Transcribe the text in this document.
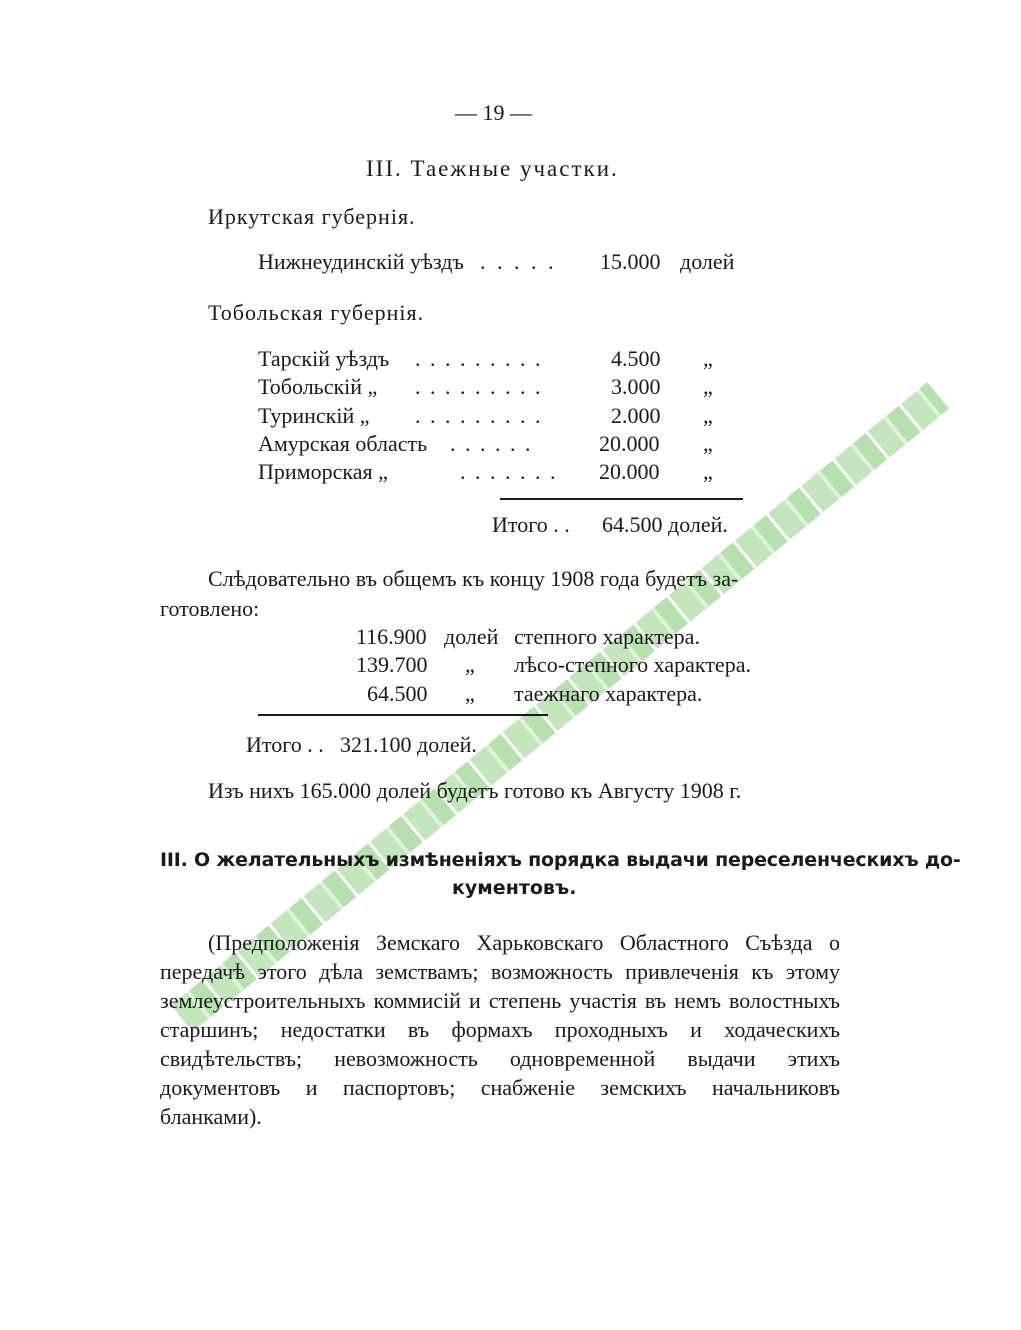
— 19 —
III. Таежные участки.
Иркутская губернія.
Нижнеудинскій уѣздъ . . . . . 15.000 долей
Тобольская губернія.
Тарскій уѣздъ . . . . . . . . .	4.500 „
Тобольскій „ . . . . . . . . .	3.000 „
Туринскій „ . . . . . . . . .	2.000 „
Амурская область . . . . . .	20.000 „
Приморская „	. . . . . . . 20.000 „
Итого . . 64.500 долей.
Слѣдовательно въ общемъ къ концу 1908 года будетъ за-
готовлено:
116.900 долей степного характера.
139.700 „ лѣсо-степного характера.
64.500 „ таежнаго характера.
Итого . . 321.100 долей.
Изъ нихъ 165.000 долей будетъ готово къ Августу 1908 г.
III. О желательныхъ измѣненіяхъ порядка выдачи переселенческихъ до-
кументовъ.
(Предположенія Земскаго Харьковскаго Областного Съѣзда о передачѣ этого дѣла земствамъ; возможность привлеченія къ этому землеустроительныхъ коммисій и степень участія въ немъ волостныхъ старшинъ; недостатки въ формахъ проходныхъ и ходаческихъ свидѣтельствъ; невозможность одновременной выдачи этихъ документовъ и паспортовъ; снабженіе земскихъ начальниковъ бланками).
